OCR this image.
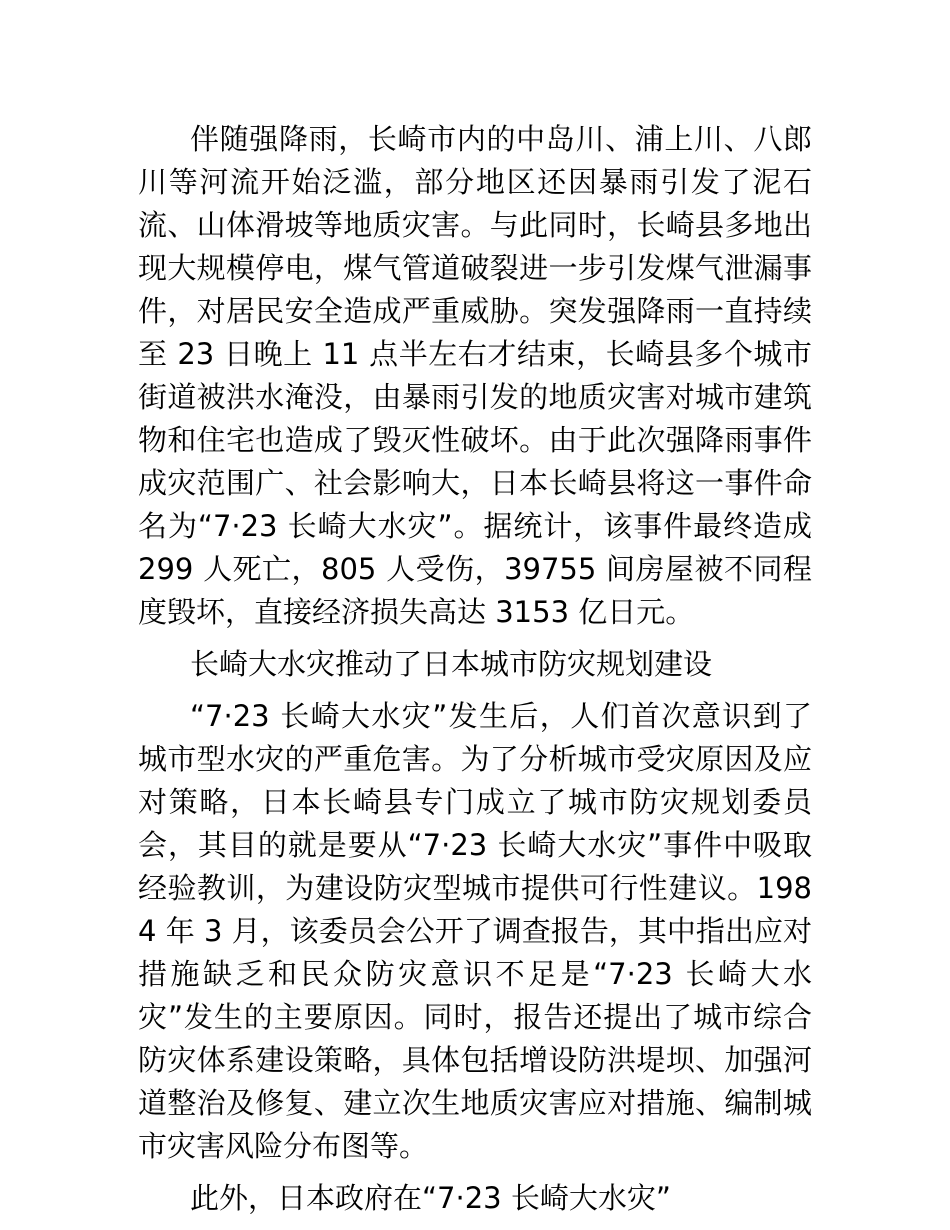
伴随强降雨，长崎市内的中岛川、浦上川、八郎川等河流开始泛滥，部分地区还因暴雨引发了泥石流、山体滑坡等地质灾害。与此同时，长崎县多地出现大规模停电，煤气管道破裂进一步引发煤气泄漏事件，对居民安全造成严重威胁。突发强降雨一直持续至 23 日晚上 11 点半左右才结束，长崎县多个城市街道被洪水淹没，由暴雨引发的地质灾害对城市建筑物和住宅也造成了毁灭性破坏。由于此次强降雨事件成灾范围广、社会影响大，日本长崎县将这一事件命名为“7·23 长崎大水灾”。据统计，该事件最终造成 299 人死亡，805 人受伤，39755 间房屋被不同程度毁坏，直接经济损失高达 3153 亿日元。

长崎大水灾推动了日本城市防灾规划建设

“7·23 长崎大水灾”发生后，人们首次意识到了城市型水灾的严重危害。为了分析城市受灾原因及应对策略，日本长崎县专门成立了城市防灾规划委员会，其目的就是要从“7·23 长崎大水灾”事件中吸取经验教训，为建设防灾型城市提供可行性建议。1984 年 3 月，该委员会公开了调查报告，其中指出应对措施缺乏和民众防灾意识不足是“7·23 长崎大水灾”发生的主要原因。同时，报告还提出了城市综合防灾体系建设策略，具体包括增设防洪堤坝、加强河道整治及修复、建立次生地质灾害应对措施、编制城市灾害风险分布图等。

此外，日本政府在“7·23 长崎大水灾”
